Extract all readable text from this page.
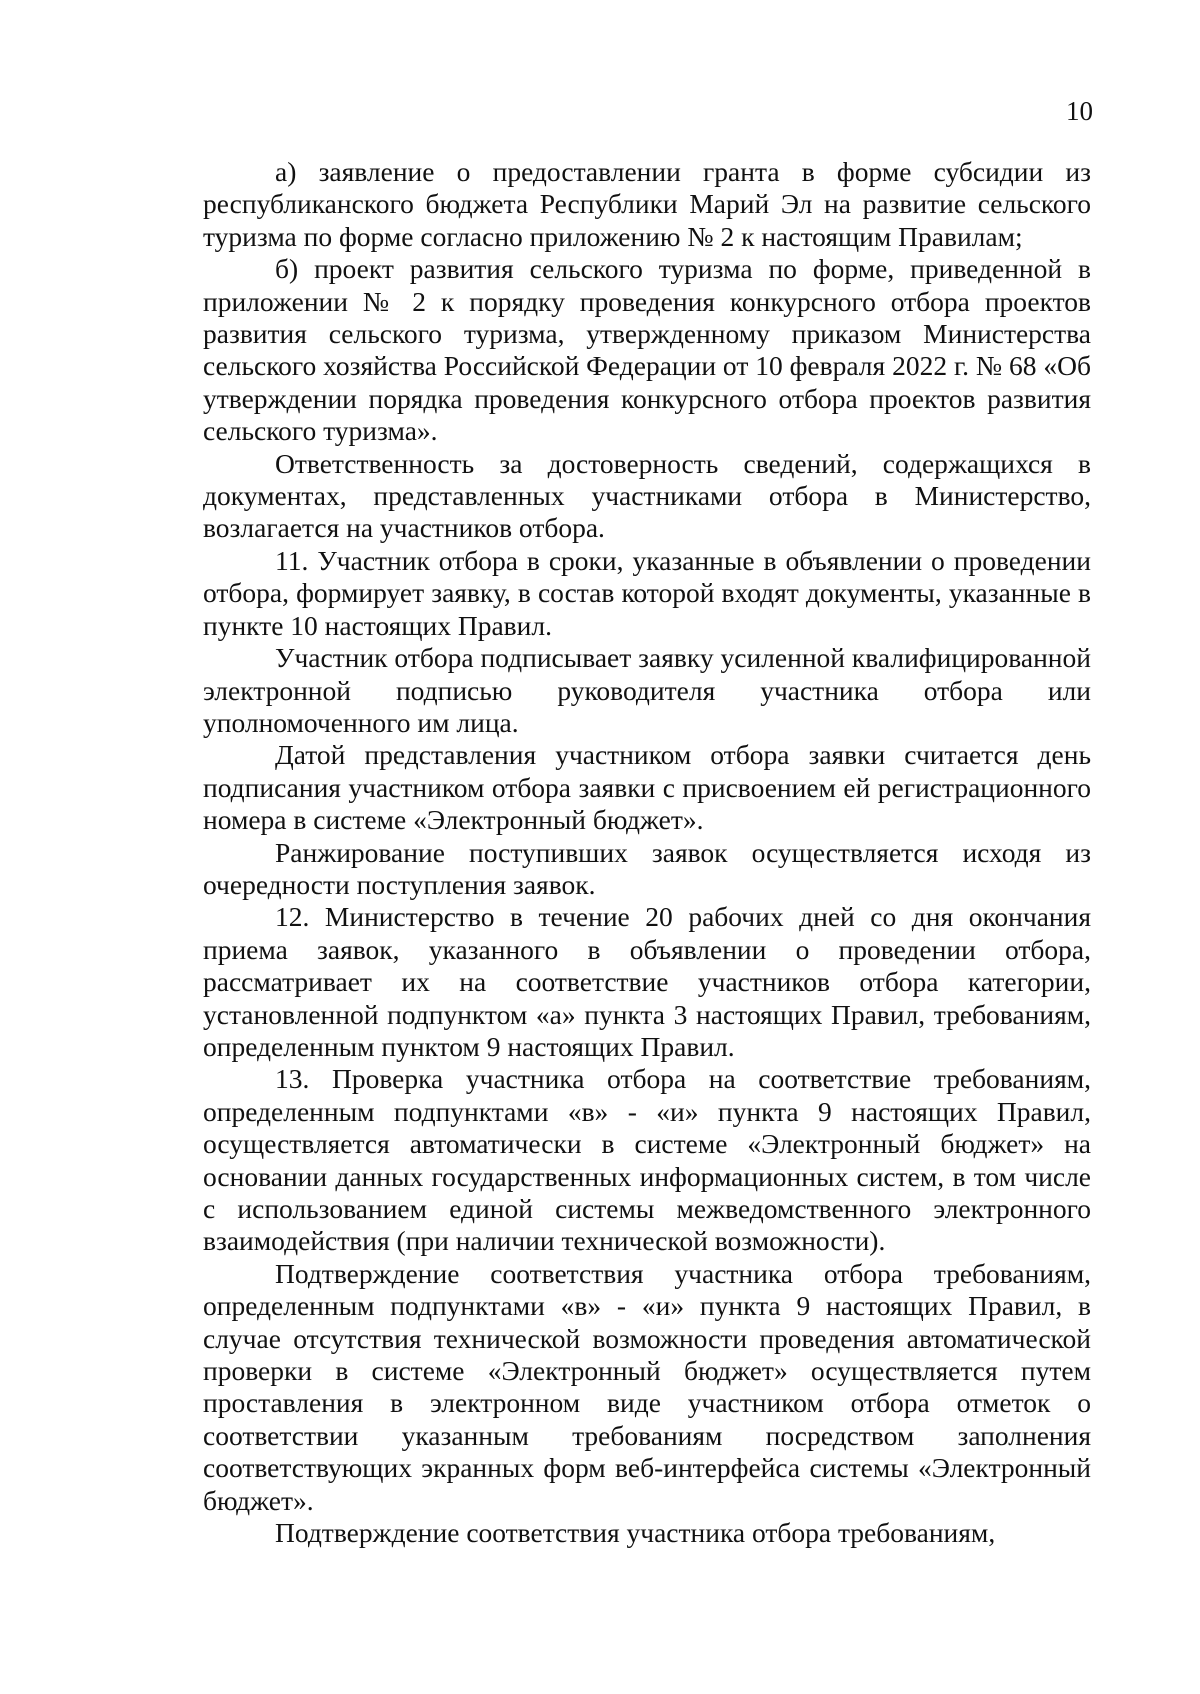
10

а) заявление о предоставлении гранта в форме субсидии из республиканского бюджета Республики Марий Эл на развитие сельского туризма по форме согласно приложению № 2 к настоящим Правилам;

б) проект развития сельского туризма по форме, приведенной в приложении № 2 к порядку проведения конкурсного отбора проектов развития сельского туризма, утвержденному приказом Министерства сельского хозяйства Российской Федерации от 10 февраля 2022 г. № 68 «Об утверждении порядка проведения конкурсного отбора проектов развития сельского туризма».

Ответственность за достоверность сведений, содержащихся в документах, представленных участниками отбора в Министерство, возлагается на участников отбора.

11. Участник отбора в сроки, указанные в объявлении о проведении отбора, формирует заявку, в состав которой входят документы, указанные в пункте 10 настоящих Правил.

Участник отбора подписывает заявку усиленной квалифицированной электронной подписью руководителя участника отбора или уполномоченного им лица.

Датой представления участником отбора заявки считается день подписания участником отбора заявки с присвоением ей регистрационного номера в системе «Электронный бюджет».

Ранжирование поступивших заявок осуществляется исходя из очередности поступления заявок.

12. Министерство в течение 20 рабочих дней со дня окончания приема заявок, указанного в объявлении о проведении отбора, рассматривает их на соответствие участников отбора категории, установленной подпунктом «а» пункта 3 настоящих Правил, требованиям, определенным пунктом 9 настоящих Правил.

13. Проверка участника отбора на соответствие требованиям, определенным подпунктами «в» - «и» пункта 9 настоящих Правил, осуществляется автоматически в системе «Электронный бюджет» на основании данных государственных информационных систем, в том числе с использованием единой системы межведомственного электронного взаимодействия (при наличии технической возможности).

Подтверждение соответствия участника отбора требованиям, определенным подпунктами «в» - «и» пункта 9 настоящих Правил, в случае отсутствия технической возможности проведения автоматической проверки в системе «Электронный бюджет» осуществляется путем проставления в электронном виде участником отбора отметок о соответствии указанным требованиям посредством заполнения соответствующих экранных форм веб-интерфейса системы «Электронный бюджет».

Подтверждение соответствия участника отбора требованиям,
